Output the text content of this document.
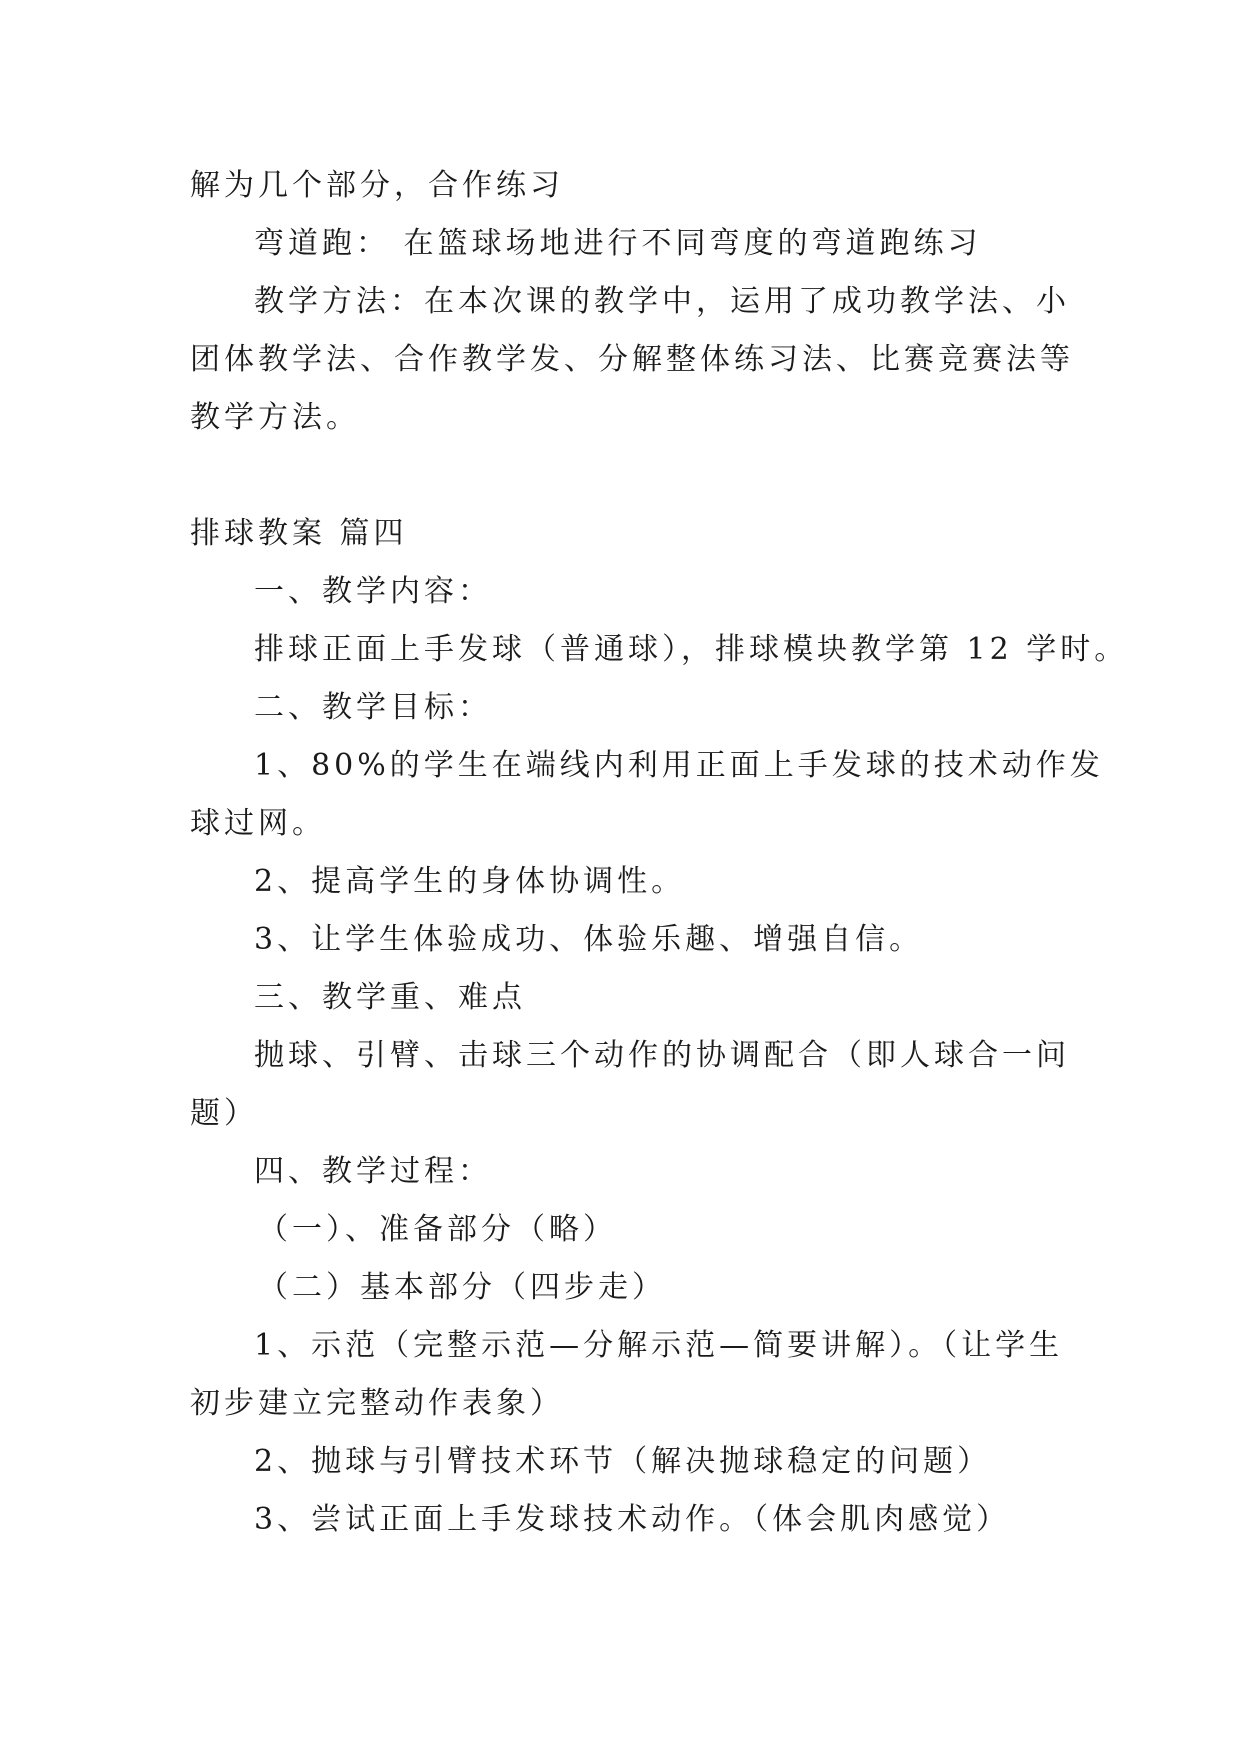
解为几个部分，合作练习
弯道跑： 在篮球场地进行不同弯度的弯道跑练习
教学方法：在本次课的教学中，运用了成功教学法、小
团体教学法、合作教学发、分解整体练习法、比赛竞赛法等
教学方法。
排球教案 篇四
一、教学内容：
排球正面上手发球（普通球），排球模块教学第 12 学时。
二、教学目标：
1、80%的学生在端线内利用正面上手发球的技术动作发
球过网。
2、提高学生的身体协调性。
3、让学生体验成功、体验乐趣、增强自信。
三、教学重、难点
抛球、引臂、击球三个动作的协调配合（即人球合一问
题）
四、教学过程：
（一）、准备部分（略）
（二）基本部分（四步走）
1、示范（完整示范—分解示范—简要讲解）。（让学生
初步建立完整动作表象）
2、抛球与引臂技术环节（解决抛球稳定的问题）
3、尝试正面上手发球技术动作。（体会肌肉感觉）
